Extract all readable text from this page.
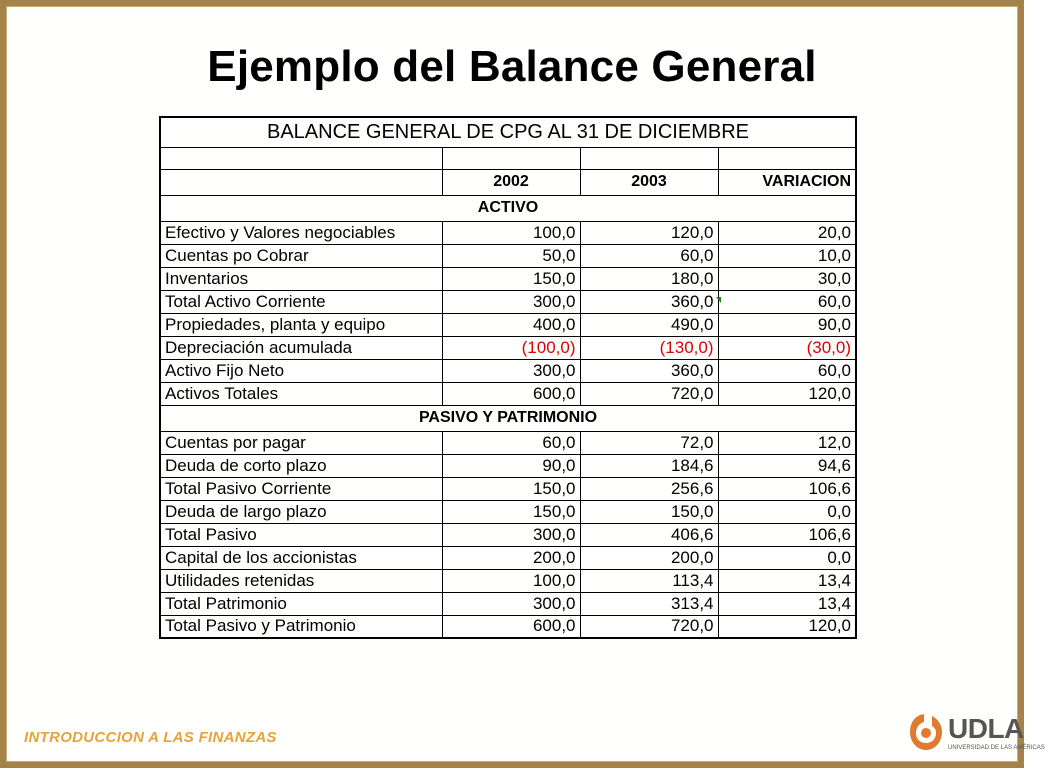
Ejemplo del Balance General
BALANCE GENERAL DE CPG AL 31 DE DICIEMBRE			

	2002	2003	VARIACION
ACTIVO			
Efectivo y Valores negociables	100,0	120,0	20,0
Cuentas po Cobrar	50,0	60,0	10,0
Inventarios	150,0	180,0	30,0
Total Activo Corriente	300,0	360,0	60,0
Propiedades, planta y equipo	400,0	490,0	90,0
Depreciación acumulada	(100,0)	(130,0)	(30,0)
Activo Fijo Neto	300,0	360,0	60,0
Activos Totales	600,0	720,0	120,0
PASIVO Y PATRIMONIO			
Cuentas por pagar	60,0	72,0	12,0
Deuda de corto plazo	90,0	184,6	94,6
Total Pasivo Corriente	150,0	256,6	106,6
Deuda de largo plazo	150,0	150,0	0,0
Total Pasivo	300,0	406,6	106,6
Capital de los accionistas	200,0	200,0	0,0
Utilidades retenidas	100,0	113,4	13,4
Total Patrimonio	300,0	313,4	13,4
Total Pasivo y Patrimonio	600,0	720,0	120,0
INTRODUCCION A LAS FINANZAS	UDLA
UNIVERSIDAD DE LAS AMÉRICAS
